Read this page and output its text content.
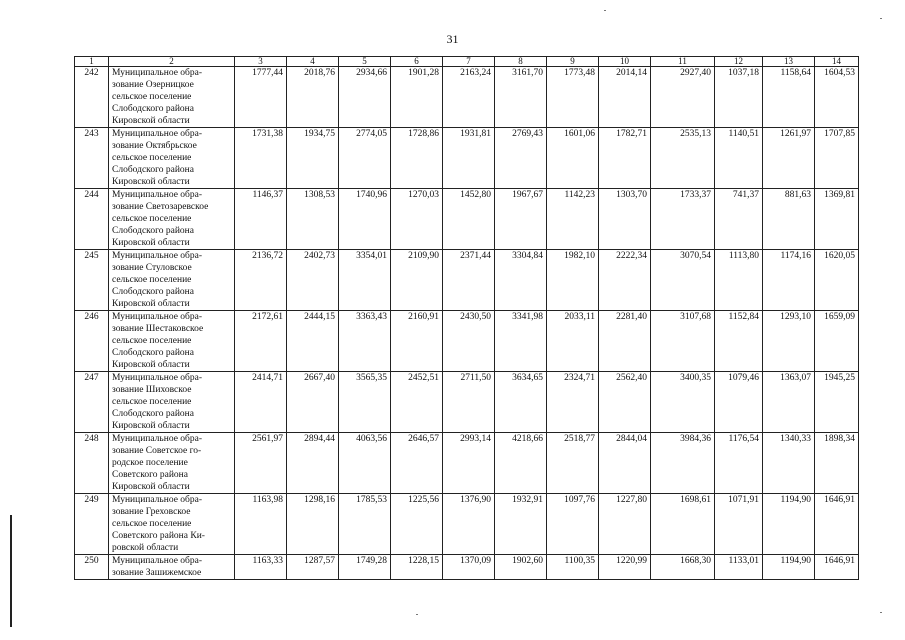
31
1	2	3	4	5	6	7	8	9	10	11	12	13	14
242	Муниципальное обра-
зование Озерницкое
сельское поселение
Слободского района
Кировской области	1777,44	2018,76	2934,66	1901,28	2163,24	3161,70	1773,48	2014,14	2927,40	1037,18	1158,64	1604,53
243	Муниципальное обра-
зование Октябрьское
сельское поселение
Слободского района
Кировской области	1731,38	1934,75	2774,05	1728,86	1931,81	2769,43	1601,06	1782,71	2535,13	1140,51	1261,97	1707,85
244	Муниципальное обра-
зование Светозаревское
сельское поселение
Слободского района
Кировской области	1146,37	1308,53	1740,96	1270,03	1452,80	1967,67	1142,23	1303,70	1733,37	741,37	881,63	1369,81
245	Муниципальное обра-
зование Стуловское
сельское поселение
Слободского района
Кировской области	2136,72	2402,73	3354,01	2109,90	2371,44	3304,84	1982,10	2222,34	3070,54	1113,80	1174,16	1620,05
246	Муниципальное обра-
зование Шестаковское
сельское поселение
Слободского района
Кировской области	2172,61	2444,15	3363,43	2160,91	2430,50	3341,98	2033,11	2281,40	3107,68	1152,84	1293,10	1659,09
247	Муниципальное обра-
зование Шиховское
сельское поселение
Слободского района
Кировской области	2414,71	2667,40	3565,35	2452,51	2711,50	3634,65	2324,71	2562,40	3400,35	1079,46	1363,07	1945,25
248	Муниципальное обра-
зование Советское го-
родское поселение
Советского района
Кировской области	2561,97	2894,44	4063,56	2646,57	2993,14	4218,66	2518,77	2844,04	3984,36	1176,54	1340,33	1898,34
249	Муниципальное обра-
зование Греховское
сельское поселение
Советского района Ки-
ровской области	1163,98	1298,16	1785,53	1225,56	1376,90	1932,91	1097,76	1227,80	1698,61	1071,91	1194,90	1646,91
250	Муниципальное обра-
зование Зашижемское	1163,33	1287,57	1749,28	1228,15	1370,09	1902,60	1100,35	1220,99	1668,30	1133,01	1194,90	1646,91
